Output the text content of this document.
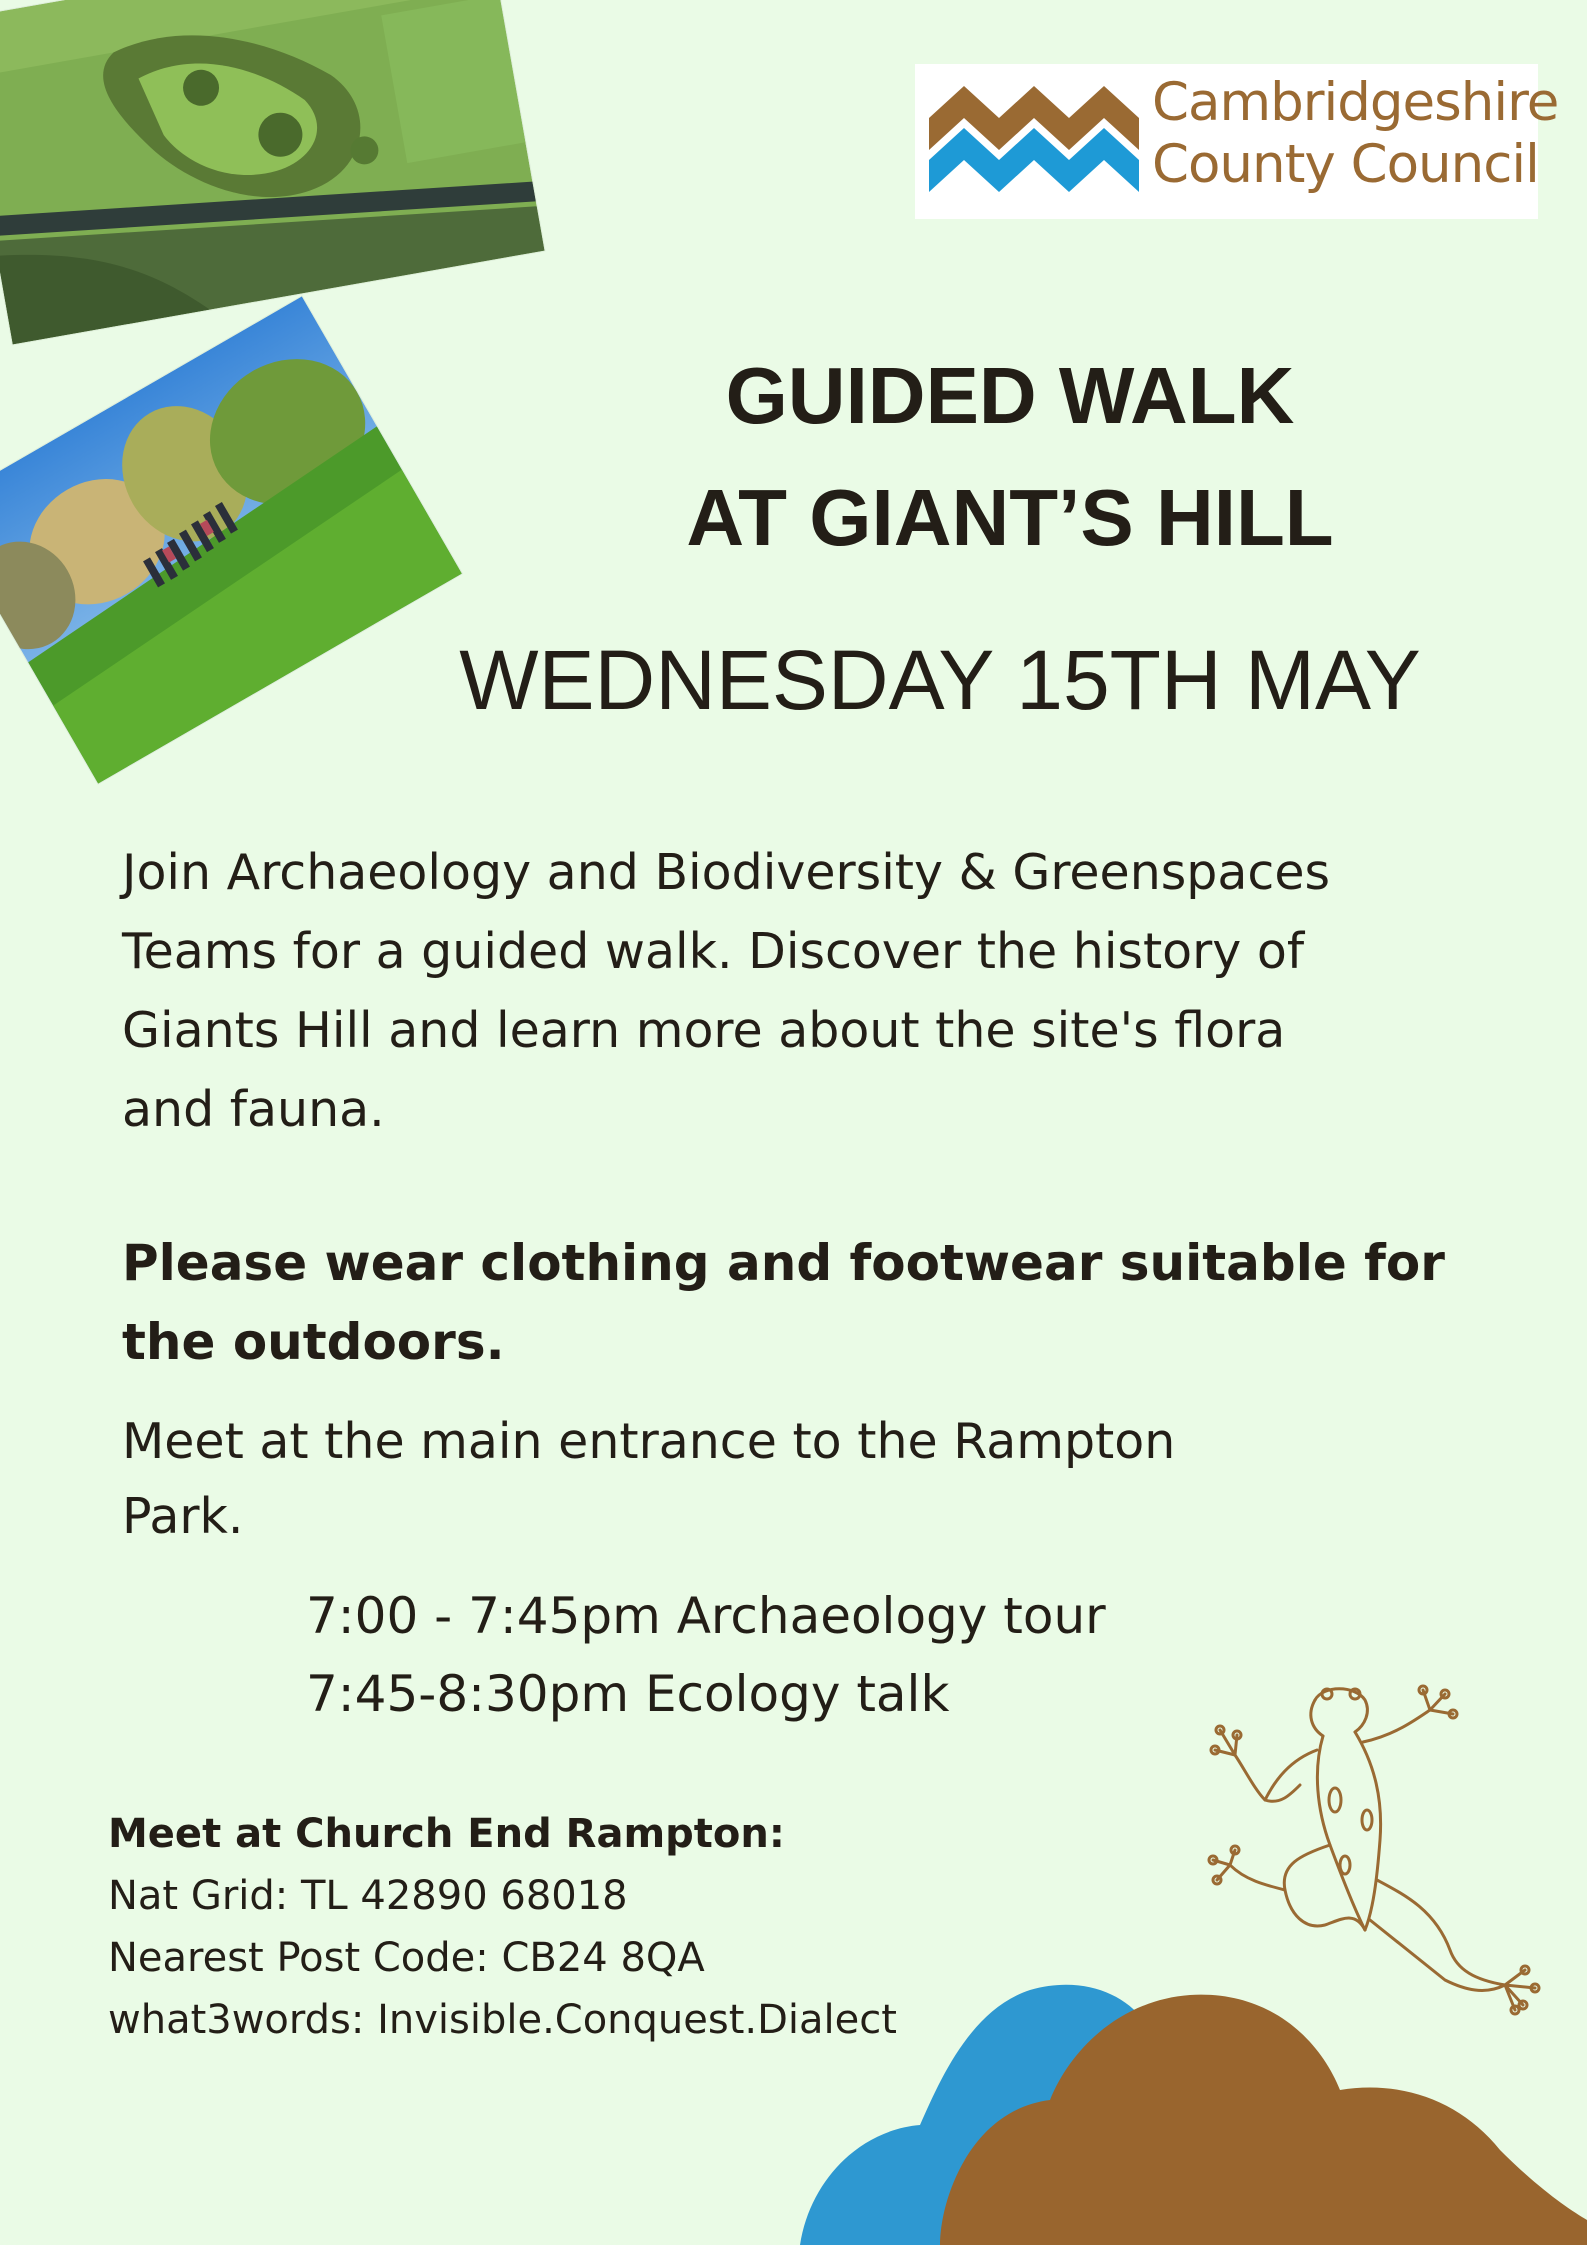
Cambridgeshire
County Council
GUIDED WALK
AT GIANT’S HILL
WEDNESDAY 15TH MAY
Join Archaeology and Biodiversity & Greenspaces
Teams for a guided walk. Discover the history of
Giants Hill and learn more about the site's flora
and fauna.
Please wear clothing and footwear suitable for
the outdoors.
Meet at the main entrance to the Rampton
Park.
7:00 - 7:45pm Archaeology tour
7:45-8:30pm Ecology talk
Meet at Church End Rampton:
Nat Grid: TL 42890 68018
Nearest Post Code: CB24 8QA
what3words: Invisible.Conquest.Dialect
